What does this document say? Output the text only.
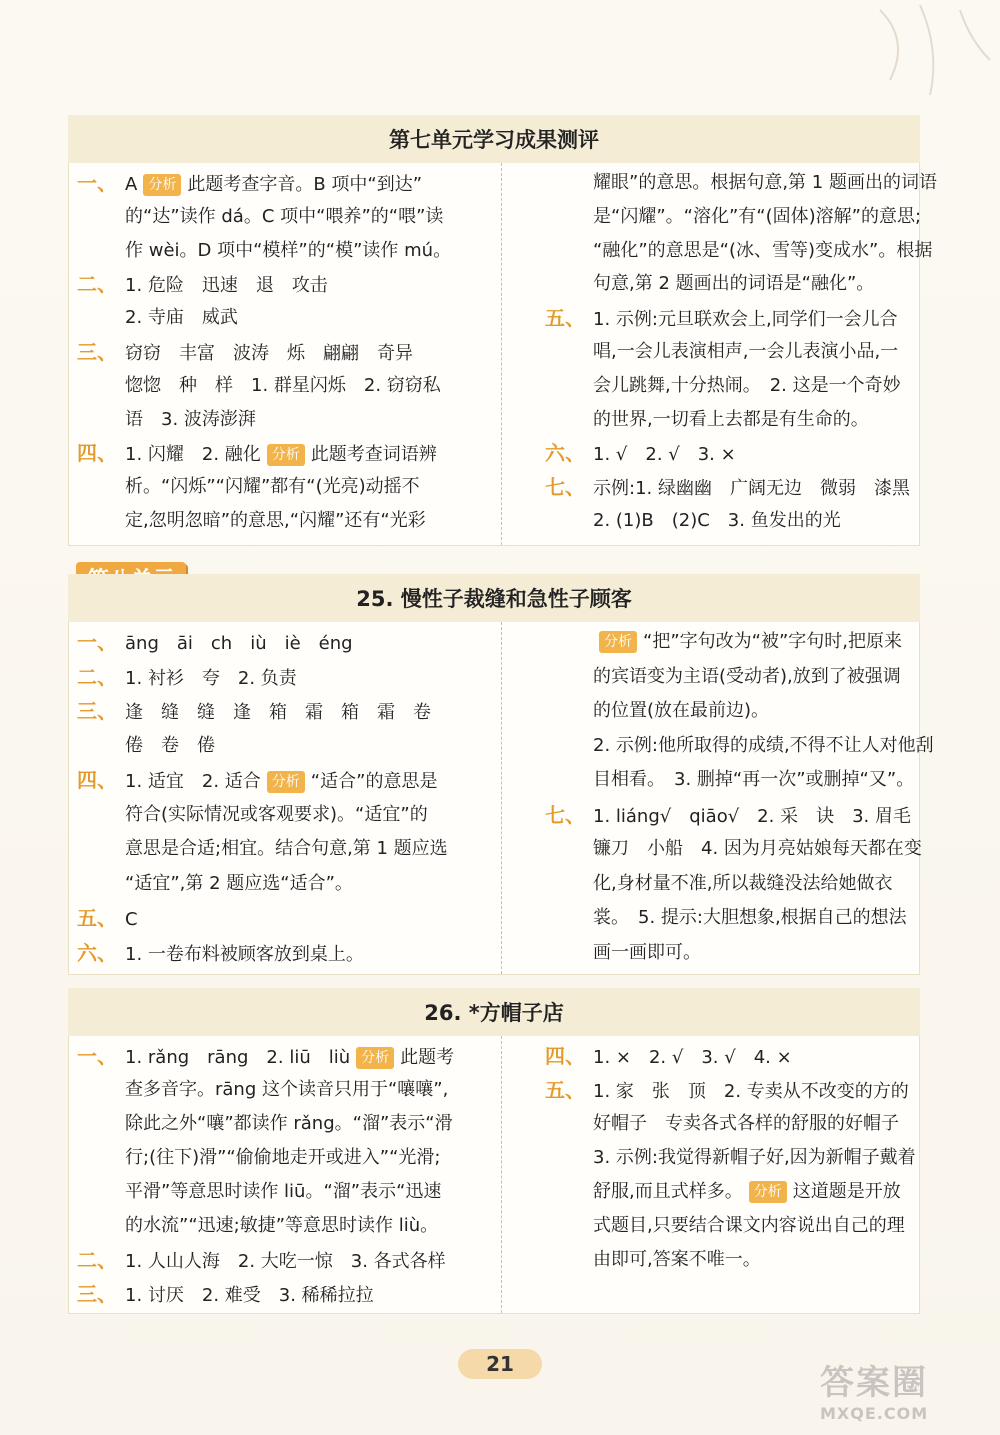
第七单元学习成果测评
一、 A 分析 此题考查字音。B 项中“到达”
的“达”读作 dá。C 项中“喂养”的“喂”读
作 wèi。D 项中“模样”的“模”读作 mú。
二、 1. 危险　迅速　退　攻击
2. 寺庙　威武
三、 窃窃　丰富　波涛　烁　翩翩　奇异
惚惚　种　样　1. 群星闪烁　2. 窃窃私
语　3. 波涛澎湃
四、 1. 闪耀　2. 融化 分析 此题考查词语辨
析。“闪烁”“闪耀”都有“(光亮)动摇不
定,忽明忽暗”的意思,“闪耀”还有“光彩
耀眼”的意思。根据句意,第 1 题画出的词语
是“闪耀”。“溶化”有“(固体)溶解”的意思;
“融化”的意思是“(冰、雪等)变成水”。根据
句意,第 2 题画出的词语是“融化”。
五、 1. 示例:元旦联欢会上,同学们一会儿合
唱,一会儿表演相声,一会儿表演小品,一
会儿跳舞,十分热闹。　2. 这是一个奇妙
的世界,一切看上去都是有生命的。
六、 1. √　2. √　3. ×
七、 示例:1. 绿幽幽　广阔无边　微弱　漆黑
2. (1)B　(2)C　3. 鱼发出的光
25. 慢性子裁缝和急性子顾客
一、 āng　āi　ch　iù　iè　éng
二、 1. 衬衫　夸　2. 负责
三、 逢　缝　缝　逢　箱　霜　箱　霜　卷
倦　卷　倦
四、 1. 适宜　2. 适合 分析 “适合”的意思是
符合(实际情况或客观要求)。“适宜”的
意思是合适;相宜。结合句意,第 1 题应选
“适宜”,第 2 题应选“适合”。
五、 C
六、 1. 一卷布料被顾客放到桌上。
分析 “把”字句改为“被”字句时,把原来
的宾语变为主语(受动者),放到了被强调
的位置(放在最前边)。
2. 示例:他所取得的成绩,不得不让人对他刮
目相看。　3. 删掉“再一次”或删掉“又”。
七、 1. liáng√　qiāo√　2. 采　诀　3. 眉毛
镰刀　小船　4. 因为月亮姑娘每天都在变
化,身材量不准,所以裁缝没法给她做衣
裳。　5. 提示:大胆想象,根据自己的想法
画一画即可。
26. *方帽子店
一、 1. rǎng　rāng　2. liū　liù 分析 此题考
查多音字。rāng 这个读音只用于“嚷嚷”,
除此之外“嚷”都读作 rǎng。“溜”表示“滑
行;(往下)滑”“偷偷地走开或进入”“光滑;
平滑”等意思时读作 liū。“溜”表示“迅速
的水流”“迅速;敏捷”等意思时读作 liù。
二、 1. 人山人海　2. 大吃一惊　3. 各式各样
三、 1. 讨厌　2. 难受　3. 稀稀拉拉
四、 1. ×　2. √　3. √　4. ×
五、 1. 家　张　顶　2. 专卖从不改变的方的
好帽子　专卖各式各样的舒服的好帽子
3. 示例:我觉得新帽子好,因为新帽子戴着
舒服,而且式样多。 分析 这道题是开放
式题目,只要结合课文内容说出自己的理
由即可,答案不唯一。
21	答案圈
MXQE.COM
